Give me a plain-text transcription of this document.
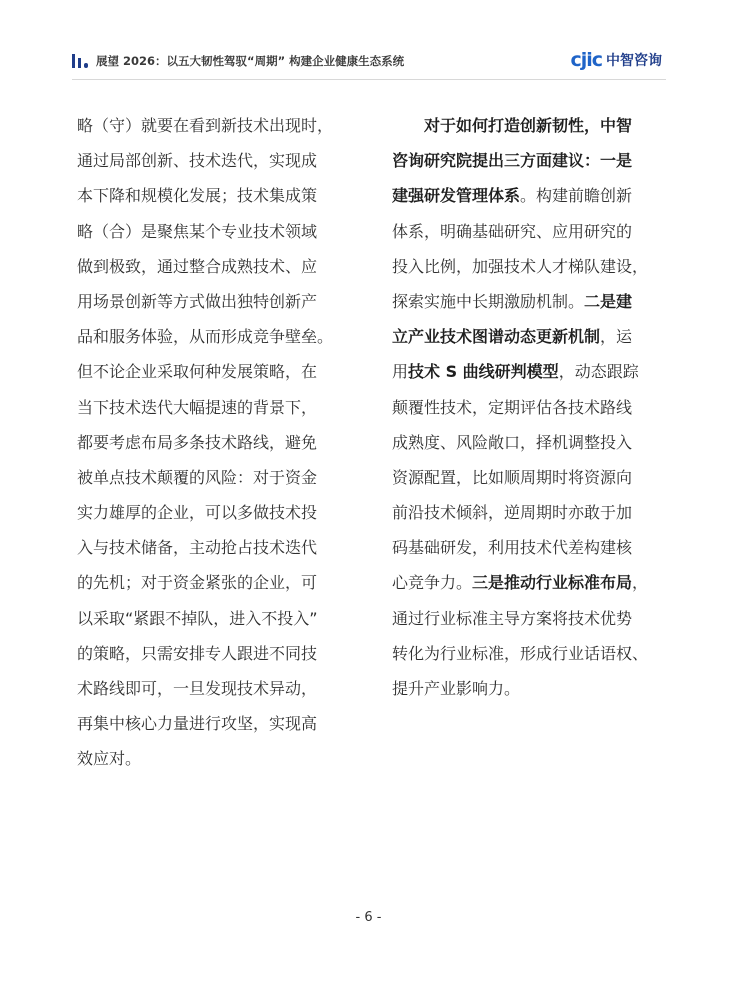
展望 2026：以五大韧性驾驭“周期” 构建企业健康生态系统	cjic 中智咨询
略（守）就要在看到新技术出现时，
通过局部创新、技术迭代，实现成
本下降和规模化发展；技术集成策
略（合）是聚焦某个专业技术领域
做到极致，通过整合成熟技术、应
用场景创新等方式做出独特创新产
品和服务体验，从而形成竞争壁垒。
但不论企业采取何种发展策略，在
当下技术迭代大幅提速的背景下，
都要考虑布局多条技术路线，避免
被单点技术颠覆的风险：对于资金
实力雄厚的企业，可以多做技术投
入与技术储备，主动抢占技术迭代
的先机；对于资金紧张的企业，可
以采取“紧跟不掉队，进入不投入”
的策略，只需安排专人跟进不同技
术路线即可，一旦发现技术异动，
再集中核心力量进行攻坚，实现高
效应对。
对于如何打造创新韧性，中智
咨询研究院提出三方面建议：一是
建强研发管理体系。构建前瞻创新
体系，明确基础研究、应用研究的
投入比例，加强技术人才梯队建设，
探索实施中长期激励机制。二是建
立产业技术图谱动态更新机制，运
用技术 S 曲线研判模型，动态跟踪
颠覆性技术，定期评估各技术路线
成熟度、风险敞口，择机调整投入
资源配置，比如顺周期时将资源向
前沿技术倾斜，逆周期时亦敢于加
码基础研发，利用技术代差构建核
心竞争力。三是推动行业标准布局，
通过行业标准主导方案将技术优势
转化为行业标准，形成行业话语权、
提升产业影响力。
- 6 -
